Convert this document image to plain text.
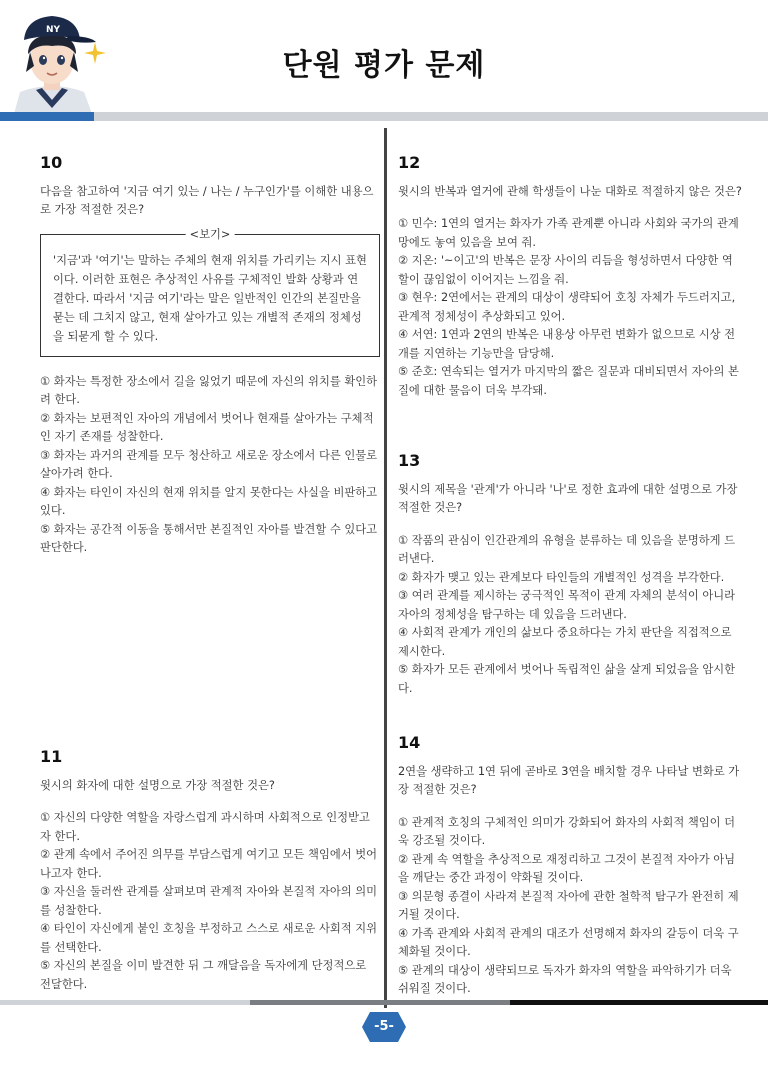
NY
단원 평가 문제
10
다음을 참고하여 '지금 여기 있는 / 나는 / 누구인가'를 이해한 내용으로 가장 적절한 것은?
<보기>
'지금'과 '여기'는 말하는 주체의 현재 위치를 가리키는 지시 표현이다. 이러한 표현은 추상적인 사유를 구체적인 발화 상황과 연결한다. 따라서 '지금 여기'라는 말은 일반적인 인간의 본질만을 묻는 데 그치지 않고, 현재 살아가고 있는 개별적 존재의 정체성을 되묻게 할 수 있다.

① 화자는 특정한 장소에서 길을 잃었기 때문에 자신의 위치를 확인하려 한다.

② 화자는 보편적인 자아의 개념에서 벗어나 현재를 살아가는 구체적인 자기 존재를 성찰한다.

③ 화자는 과거의 관계를 모두 청산하고 새로운 장소에서 다른 인물로 살아가려 한다.

④ 화자는 타인이 자신의 현재 위치를 알지 못한다는 사실을 비판하고 있다.

⑤ 화자는 공간적 이동을 통해서만 본질적인 자아를 발견할 수 있다고 판단한다.

11
윗시의 화자에 대한 설명으로 가장 적절한 것은?

① 자신의 다양한 역할을 자랑스럽게 과시하며 사회적으로 인정받고자 한다.

② 관계 속에서 주어진 의무를 부담스럽게 여기고 모든 책임에서 벗어나고자 한다.

③ 자신을 둘러싼 관계를 살펴보며 관계적 자아와 본질적 자아의 의미를 성찰한다.

④ 타인이 자신에게 붙인 호칭을 부정하고 스스로 새로운 사회적 지위를 선택한다.

⑤ 자신의 본질을 이미 발견한 뒤 그 깨달음을 독자에게 단정적으로 전달한다.

12
윗시의 반복과 열거에 관해 학생들이 나눈 대화로 적절하지 않은 것은?

① 민수: 1연의 열거는 화자가 가족 관계뿐 아니라 사회와 국가의 관계망에도 놓여 있음을 보여 줘.

② 지온: '~이고'의 반복은 문장 사이의 리듬을 형성하면서 다양한 역할이 끊임없이 이어지는 느낌을 줘.

③ 현우: 2연에서는 관계의 대상이 생략되어 호칭 자체가 두드러지고, 관계적 정체성이 추상화되고 있어.

④ 서연: 1연과 2연의 반복은 내용상 아무런 변화가 없으므로 시상 전개를 지연하는 기능만을 담당해.

⑤ 준호: 연속되는 열거가 마지막의 짧은 질문과 대비되면서 자아의 본질에 대한 물음이 더욱 부각돼.

13
윗시의 제목을 '관계'가 아니라 '나'로 정한 효과에 대한 설명으로 가장 적절한 것은?

① 작품의 관심이 인간관계의 유형을 분류하는 데 있음을 분명하게 드러낸다.

② 화자가 맺고 있는 관계보다 타인들의 개별적인 성격을 부각한다.

③ 여러 관계를 제시하는 궁극적인 목적이 관계 자체의 분석이 아니라 자아의 정체성을 탐구하는 데 있음을 드러낸다.

④ 사회적 관계가 개인의 삶보다 중요하다는 가치 판단을 직접적으로 제시한다.

⑤ 화자가 모든 관계에서 벗어나 독립적인 삶을 살게 되었음을 암시한다.

14
2연을 생략하고 1연 뒤에 곧바로 3연을 배치할 경우 나타날 변화로 가장 적절한 것은?

① 관계적 호칭의 구체적인 의미가 강화되어 화자의 사회적 책임이 더욱 강조될 것이다.

② 관계 속 역할을 추상적으로 재정리하고 그것이 본질적 자아가 아님을 깨닫는 중간 과정이 약화될 것이다.

③ 의문형 종결이 사라져 본질적 자아에 관한 철학적 탐구가 완전히 제거될 것이다.

④ 가족 관계와 사회적 관계의 대조가 선명해져 화자의 갈등이 더욱 구체화될 것이다.

⑤ 관계의 대상이 생략되므로 독자가 화자의 역할을 파악하기가 더욱 쉬워질 것이다.

-5-
